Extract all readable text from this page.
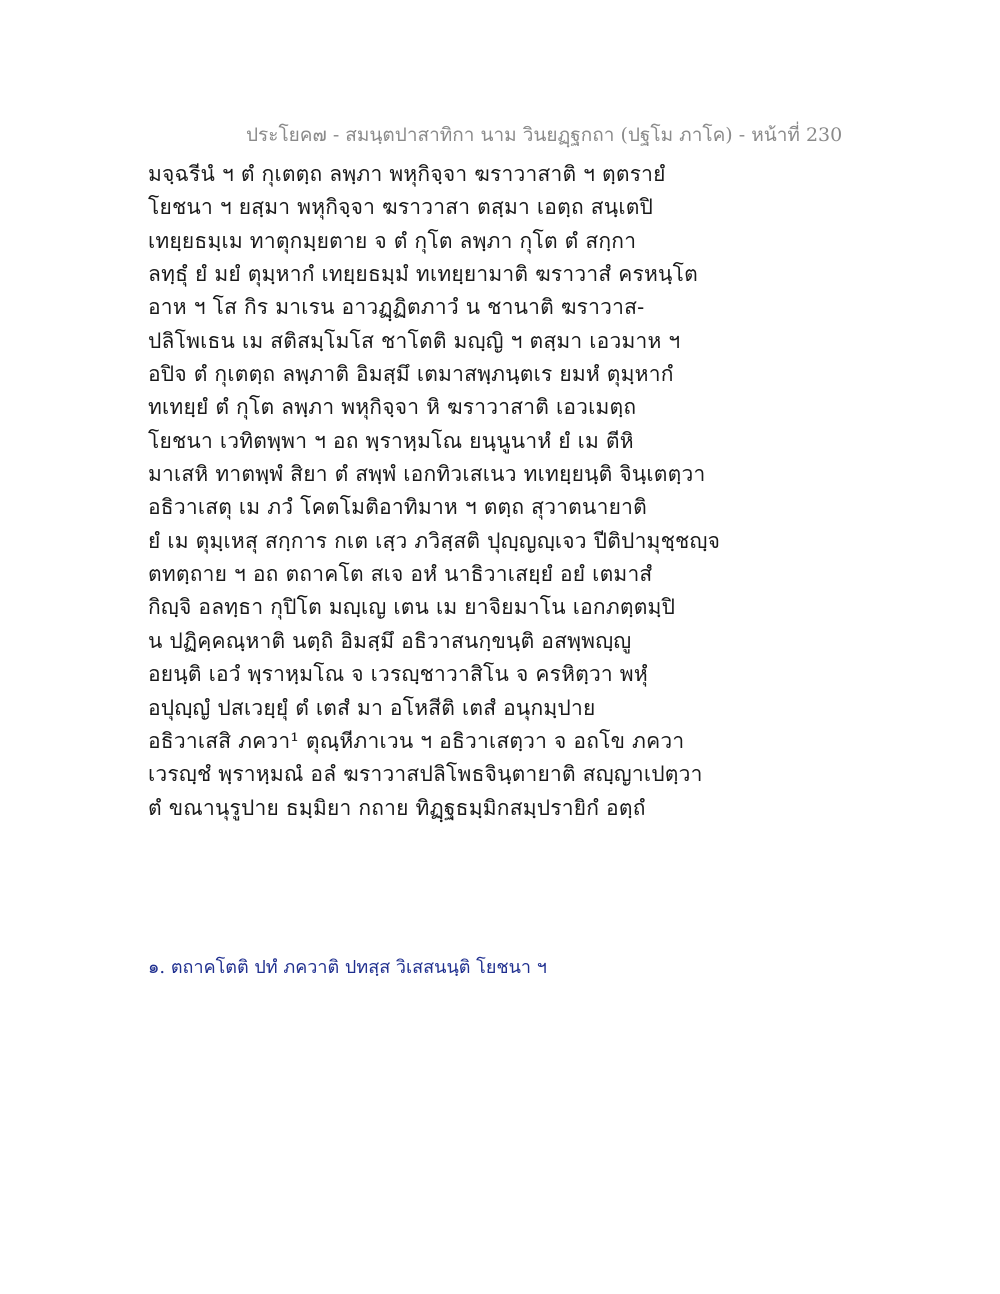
ประโยค๗ - สมนฺตปาสาทิกา นาม วินยฏฺฐกถา (ปฐโม ภาโค) - หน้าที่ 230
มจฺฉรีนํ ฯ ตํ กุเตตฺถ ลพฺภา พหุกิจฺจา ฆราวาสาติ ฯ ตฺตรายํ
โยชนา ฯ ยสฺมา พหุกิจฺจา ฆราวาสา ตสฺมา เอตฺถ สนฺเตปิ
เทยฺยธมฺเม ทาตุกมฺยตาย จ ตํ กุโต ลพฺภา กุโต ตํ สกฺกา
ลทฺธุํ ยํ มยํ ตุมฺหากํ เทยฺยธมฺมํ ทเทยฺยามาติ ฆราวาสํ ครหนฺโต
อาห ฯ โส กิร มาเรน อาวฏฺฏิตภาวํ น ชานาติ ฆราวาส-
ปลิโพเธน เม สติสมฺโมโส ชาโตติ มญฺญิ ฯ ตสฺมา เอวมาห ฯ
อปิจ ตํ กุเตตฺถ ลพฺภาติ อิมสฺมึ เตมาสพฺภนฺตเร ยมหํ ตุมฺหากํ
ทเทยฺยํ ตํ กุโต ลพฺภา พหุกิจฺจา หิ ฆราวาสาติ เอวเมตฺถ
โยชนา เวทิตพฺพา ฯ อถ พฺราหฺมโณ ยนฺนูนาหํ ยํ เม ตีหิ
มาเสหิ ทาตพฺพํ สิยา ตํ สพฺพํ เอกทิวเสเนว ทเทยฺยนฺติ จินฺเตตฺวา
อธิวาเสตุ เม ภวํ โคตโมติอาทิมาห ฯ ตตฺถ สุวาตนายาติ
ยํ เม ตุมฺเหสุ สกฺการ กเต เสฺว ภวิสฺสติ ปุญฺญญฺเจว ปีติปามุชฺชญฺจ
ตทตฺถาย ฯ อถ ตถาคโต สเจ อหํ นาธิวาเสยฺยํ อยํ เตมาสํ
กิญฺจิ อลทฺธา กุปิโต มญฺเญ เตน เม ยาจิยมาโน เอกภตฺตมฺปิ
น ปฏิคฺคณฺหาติ นตฺถิ อิมสฺมึ อธิวาสนกฺขนฺติ อสพฺพญฺญู
อยนฺติ เอวํ พฺราหฺมโณ จ เวรญฺชาวาสิโน จ ครหิตฺวา พหุํ
อปุญฺญํ ปสเวยฺยุํ ตํ เตสํ มา อโหสีติ เตสํ อนุกมฺปาย
อธิวาเสสิ ภควา¹ ตุณฺหีภาเวน ฯ อธิวาเสตฺวา จ อถโข ภควา
เวรญฺชํ พฺราหฺมณํ อลํ ฆราวาสปลิโพธจินฺตายาติ สญฺญาเปตฺวา
ตํ ขณานุรูปาย ธมฺมิยา กถาย ทิฏฺฐธมฺมิกสมฺปรายิกํ อตฺถํ
๑. ตถาคโตติ ปทํ ภควาติ ปทสฺส วิเสสนนฺติ โยชนา ฯ
